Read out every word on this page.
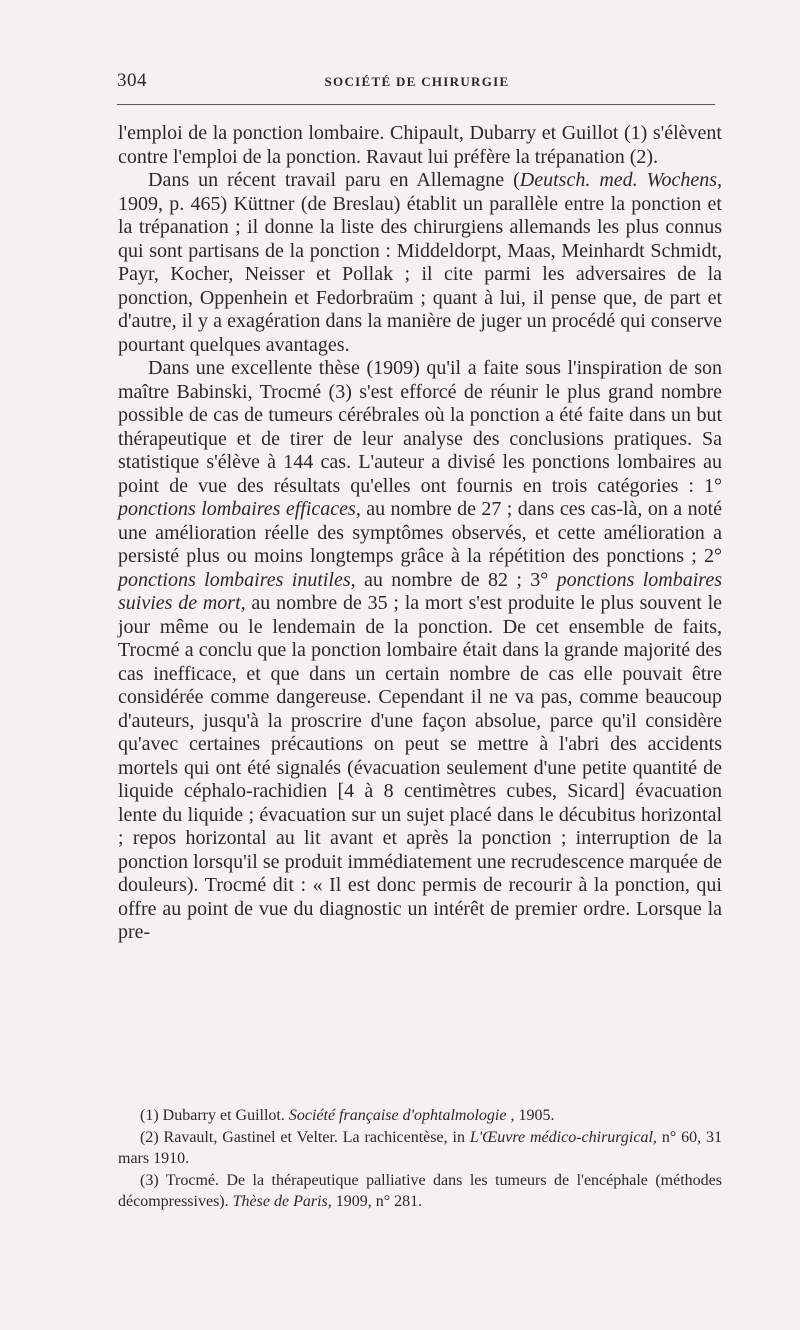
304	SOCIÉTÉ DE CHIRURGIE

l'emploi de la ponction lombaire. Chipault, Dubarry et Guillot (1) s'élèvent contre l'emploi de la ponction. Ravaut lui préfère la trépanation (2).

Dans un récent travail paru en Allemagne (Deutsch. med. Wochens, 1909, p. 465) Küttner (de Breslau) établit un parallèle entre la ponction et la trépanation ; il donne la liste des chirurgiens allemands les plus connus qui sont partisans de la ponction : Middeldorpt, Maas, Meinhardt Schmidt, Payr, Kocher, Neisser et Pollak ; il cite parmi les adversaires de la ponction, Oppenhein et Fedorbraüm ; quant à lui, il pense que, de part et d'autre, il y a exagération dans la manière de juger un procédé qui conserve pourtant quelques avantages.

Dans une excellente thèse (1909) qu'il a faite sous l'inspiration de son maître Babinski, Trocmé (3) s'est efforcé de réunir le plus grand nombre possible de cas de tumeurs cérébrales où la ponction a été faite dans un but thérapeutique et de tirer de leur analyse des conclusions pratiques. Sa statistique s'élève à 144 cas. L'auteur a divisé les ponctions lombaires au point de vue des résultats qu'elles ont fournis en trois catégories : 1° ponctions lombaires efficaces, au nombre de 27 ; dans ces cas-là, on a noté une amélioration réelle des symptômes observés, et cette amélioration a persisté plus ou moins longtemps grâce à la répétition des ponctions ; 2° ponctions lombaires inutiles, au nombre de 82 ; 3° ponctions lombaires suivies de mort, au nombre de 35 ; la mort s'est produite le plus souvent le jour même ou le lendemain de la ponction. De cet ensemble de faits, Trocmé a conclu que la ponction lombaire était dans la grande majorité des cas inefficace, et que dans un certain nombre de cas elle pouvait être considérée comme dangereuse. Cependant il ne va pas, comme beaucoup d'auteurs, jusqu'à la proscrire d'une façon absolue, parce qu'il considère qu'avec certaines précautions on peut se mettre à l'abri des accidents mortels qui ont été signalés (évacuation seulement d'une petite quantité de liquide céphalo-rachidien [4 à 8 centimètres cubes, Sicard] évacuation lente du liquide ; évacuation sur un sujet placé dans le décubitus horizontal ; repos horizontal au lit avant et après la ponction ; interruption de la ponction lorsqu'il se produit immédiatement une recrudescence marquée de douleurs). Trocmé dit : « Il est donc permis de recourir à la ponction, qui offre au point de vue du diagnostic un intérêt de premier ordre. Lorsque la pre-

(1) Dubarry et Guillot. Société française d'ophtalmologie , 1905.

(2) Ravault, Gastinel et Velter. La rachicentèse, in L'Œuvre médico-chirurgical, n° 60, 31 mars 1910.

(3) Trocmé. De la thérapeutique palliative dans les tumeurs de l'encéphale (méthodes décompressives). Thèse de Paris, 1909, n° 281.
